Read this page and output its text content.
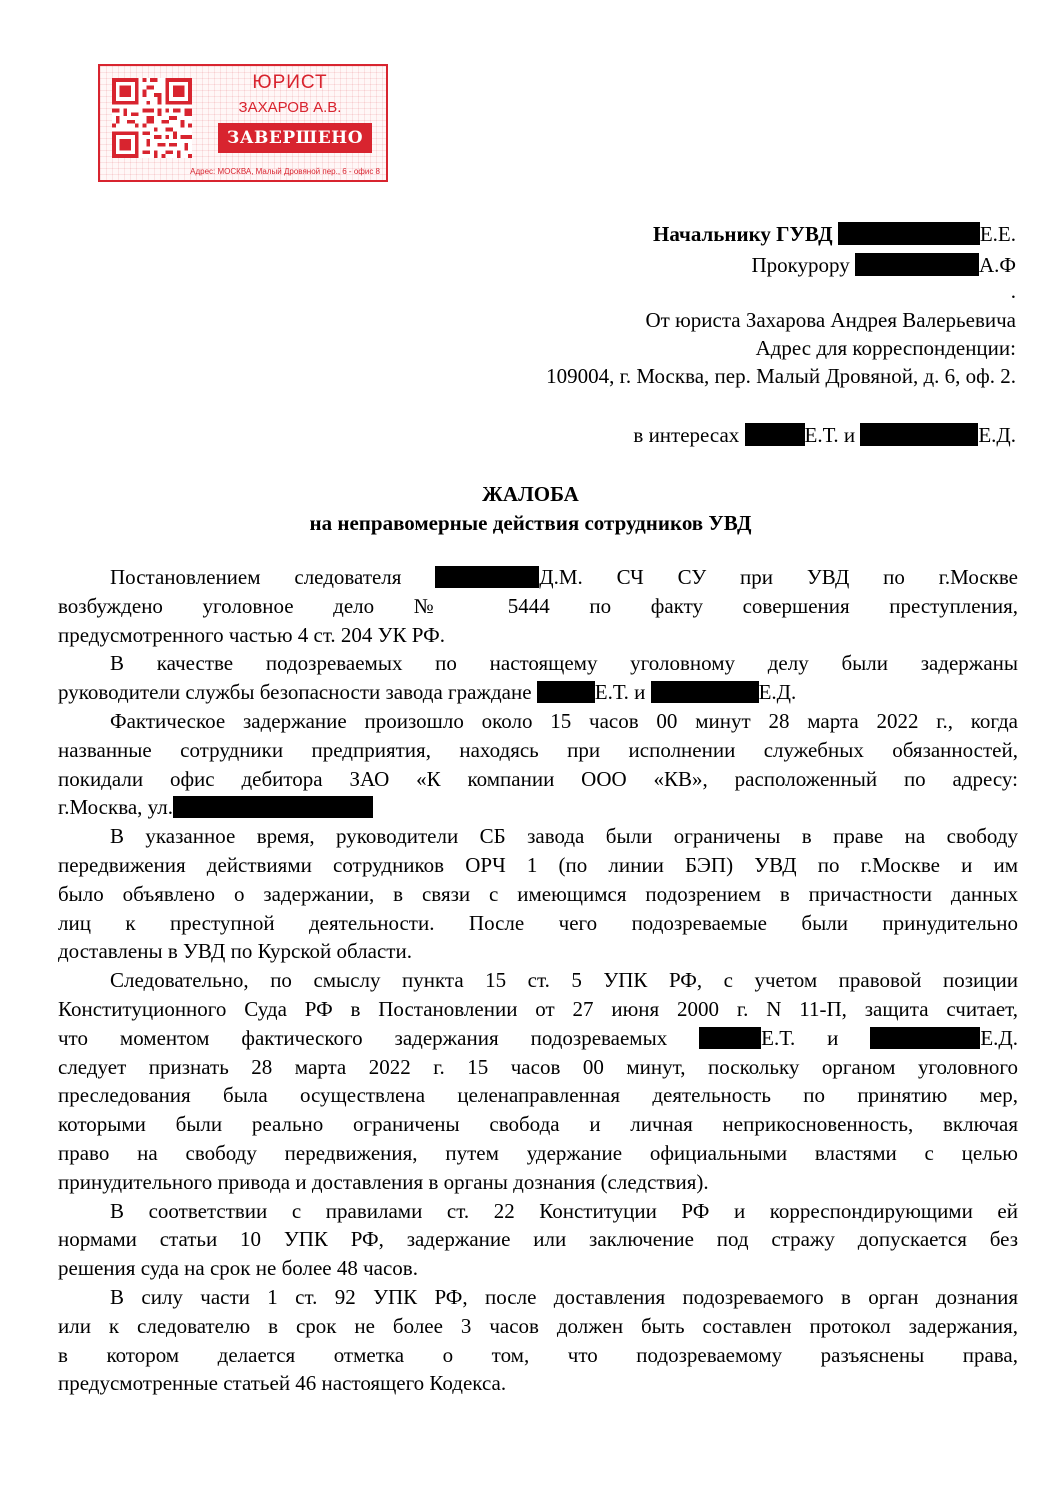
ЮРИСТ
ЗАХАРОВ А.В.
ЗАВЕРШЕНО
Адрес: МОСКВА, Малый Дровяной пер., 6 - офис 8
Начальнику ГУВД	Е.Е.
Прокурору	А.Ф
.
От юриста Захарова Андрея Валерьевича
Адрес для корреспонденции:
109004, г. Москва, пер. Малый Дровяной, д. 6, оф. 2.
в интересах	Е.Т. и	Е.Д.
ЖАЛОБА
на неправомерные действия сотрудников УВД
Постановлением следователя	Д.М. СЧ СУ при УВД по г.Москве
возбуждено уголовное дело № 5444 по факту совершения преступления,
предусмотренного частью 4 ст. 204 УК РФ.
В качестве подозреваемых по настоящему уголовному делу были задержаны
руководители службы безопасности завода граждане	Е.Т. и	Е.Д.
Фактическое задержание произошло около 15 часов 00 минут 28 марта 2022 г., когда
названные сотрудники предприятия, находясь при исполнении служебных обязанностей,
покидали офис дебитора ЗАО «К компании ООО «КВ», расположенный по адресу:
г.Москва, ул.
В указанное время, руководители СБ завода были ограничены в праве на свободу
передвижения действиями сотрудников ОРЧ 1 (по линии БЭП) УВД по г.Москве и им
было объявлено о задержании, в связи с имеющимся подозрением в причастности данных
лиц к преступной деятельности. После чего подозреваемые были принудительно
доставлены в УВД по Курской области.
Следовательно, по смыслу пункта 15 ст. 5 УПК РФ, с учетом правовой позиции
Конституционного Суда РФ в Постановлении от 27 июня 2000 г. N 11-П, защита считает,
что моментом фактического задержания подозреваемых	Е.Т. и	Е.Д.
следует признать 28 марта 2022 г. 15 часов 00 минут, поскольку органом уголовного
преследования была осуществлена целенаправленная деятельность по принятию мер,
которыми были реально ограничены свобода и личная неприкосновенность, включая
право на свободу передвижения, путем удержание официальными властями с целью
принудительного привода и доставления в органы дознания (следствия).
В соответствии с правилами ст. 22 Конституции РФ и корреспондирующими ей
нормами статьи 10 УПК РФ, задержание или заключение под стражу допускается без
решения суда на срок не более 48 часов.
В силу части 1 ст. 92 УПК РФ, после доставления подозреваемого в орган дознания
или к следователю в срок не более 3 часов должен быть составлен протокол задержания,
в котором делается отметка о том, что подозреваемому разъяснены права,
предусмотренные статьей 46 настоящего Кодекса.
